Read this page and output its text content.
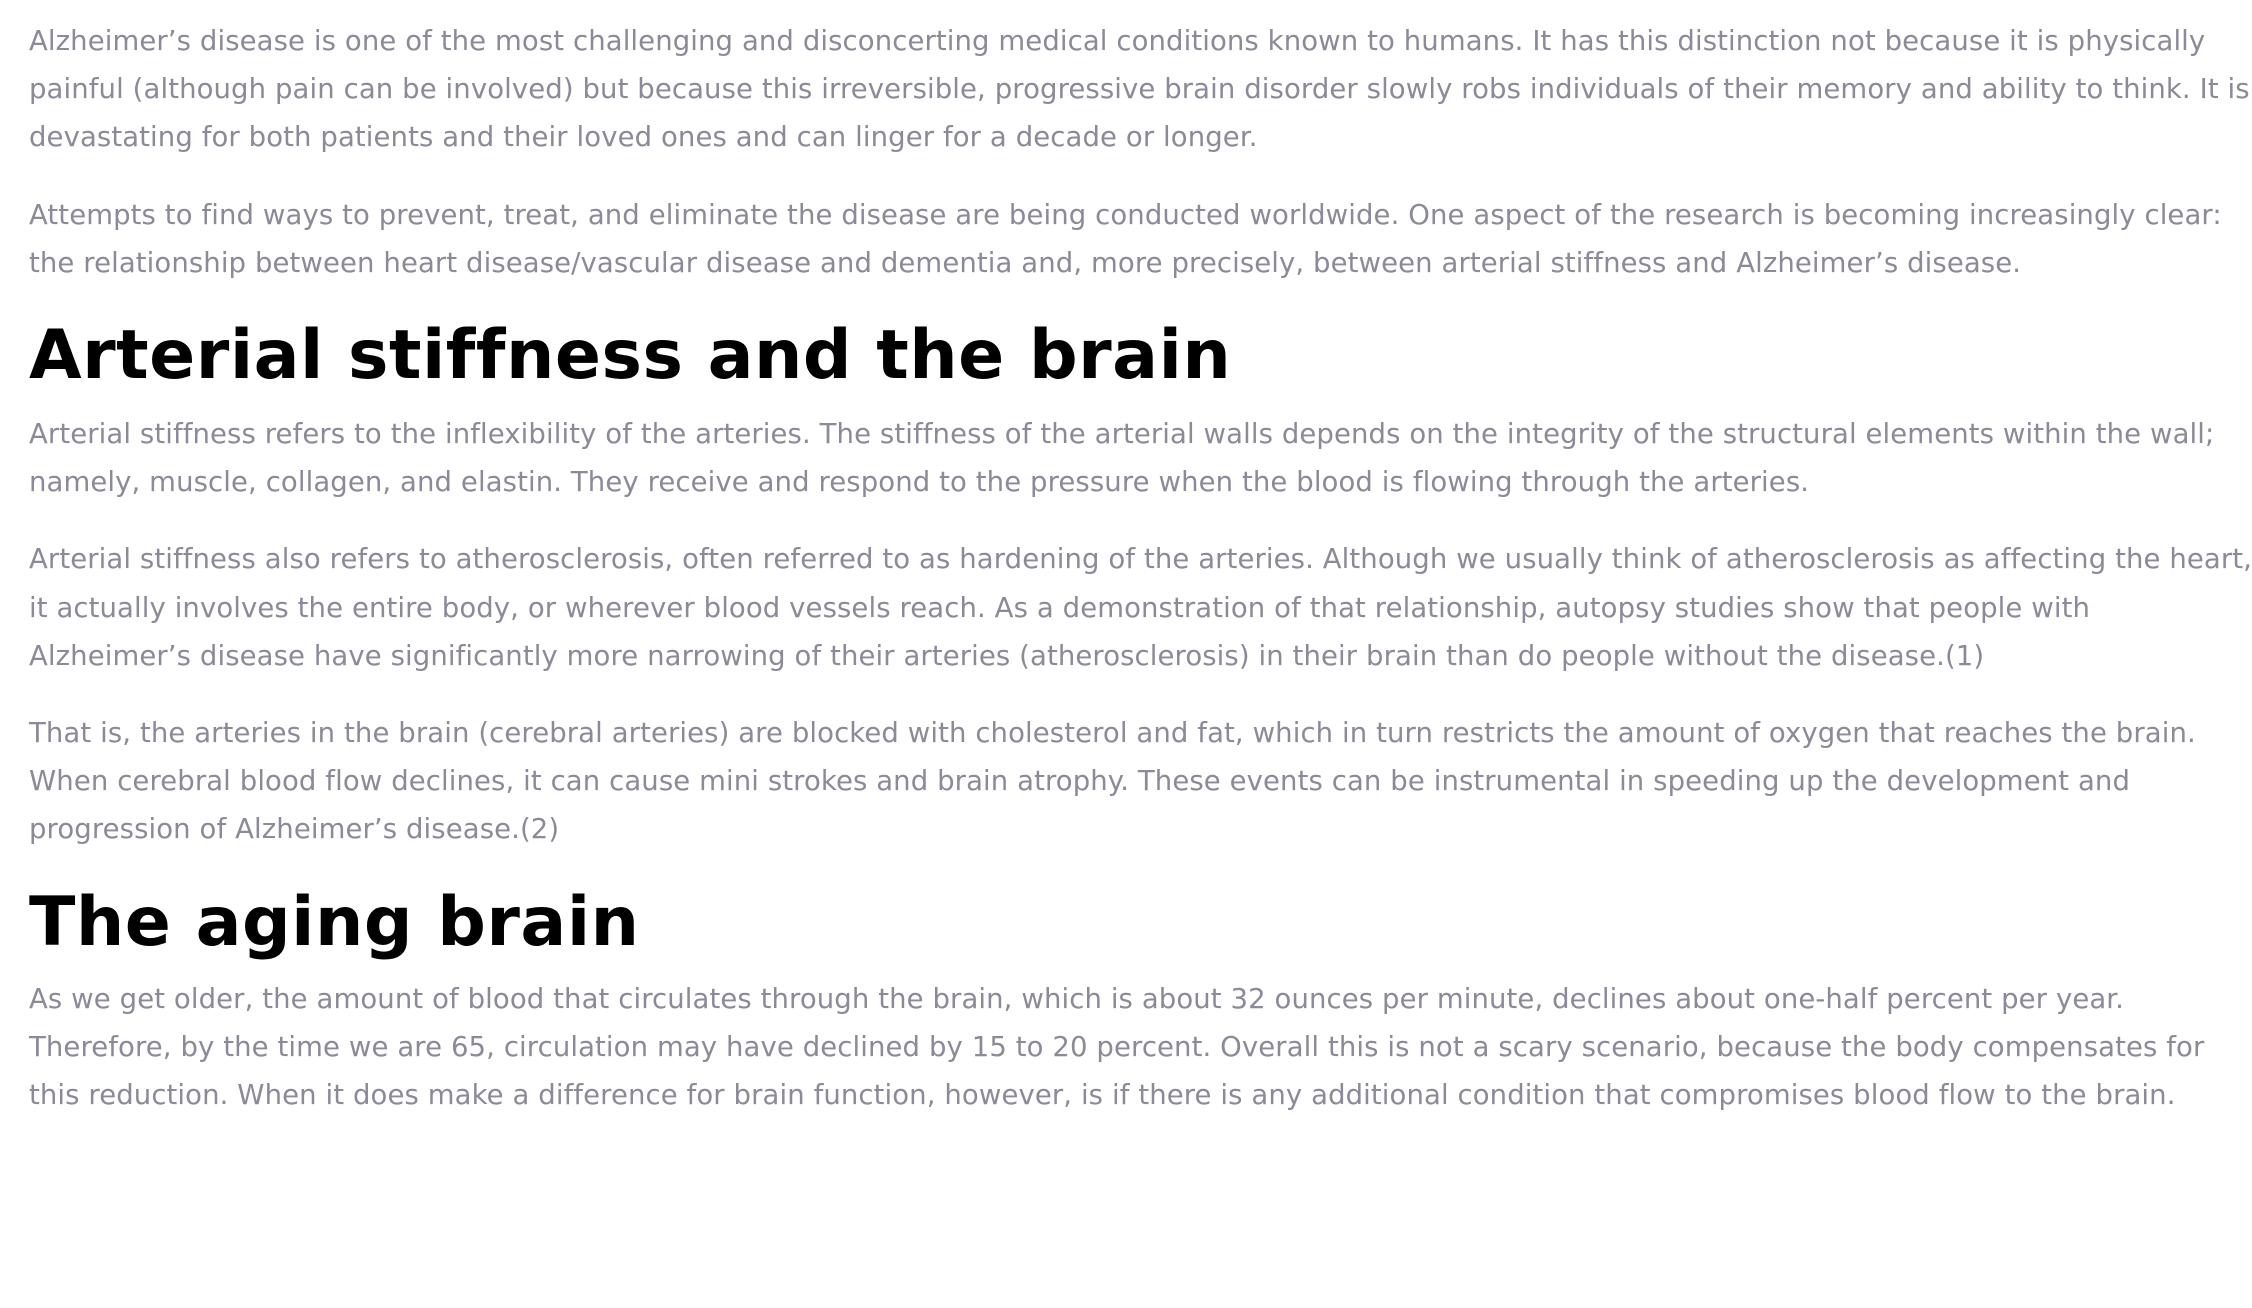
Alzheimer’s disease is one of the most challenging and disconcerting medical conditions known to humans. It has this distinction not because it is physically painful (although pain can be involved) but because this irreversible, progressive brain disorder slowly robs individuals of their memory and ability to think. It is devastating for both patients and their loved ones and can linger for a decade or longer.

Attempts to find ways to prevent, treat, and eliminate the disease are being conducted worldwide. One aspect of the research is becoming increasingly clear: the relationship between heart disease/vascular disease and dementia and, more precisely, between arterial stiffness and Alzheimer’s disease.

Arterial stiffness and the brain

Arterial stiffness refers to the inflexibility of the arteries. The stiffness of the arterial walls depends on the integrity of the structural elements within the wall; namely, muscle, collagen, and elastin. They receive and respond to the pressure when the blood is flowing through the arteries.

Arterial stiffness also refers to atherosclerosis, often referred to as hardening of the arteries. Although we usually think of atherosclerosis as affecting the heart, it actually involves the entire body, or wherever blood vessels reach. As a demonstration of that relationship, autopsy studies show that people with Alzheimer’s disease have significantly more narrowing of their arteries (atherosclerosis) in their brain than do people without the disease.(1)

That is, the arteries in the brain (cerebral arteries) are blocked with cholesterol and fat, which in turn restricts the amount of oxygen that reaches the brain. When cerebral blood flow declines, it can cause mini strokes and brain atrophy. These events can be instrumental in speeding up the development and progression of Alzheimer’s disease.(2)

The aging brain

As we get older, the amount of blood that circulates through the brain, which is about 32 ounces per minute, declines about one-half percent per year. Therefore, by the time we are 65, circulation may have declined by 15 to 20 percent. Overall this is not a scary scenario, because the body compensates for this reduction. When it does make a difference for brain function, however, is if there is any additional condition that compromises blood flow to the brain.
